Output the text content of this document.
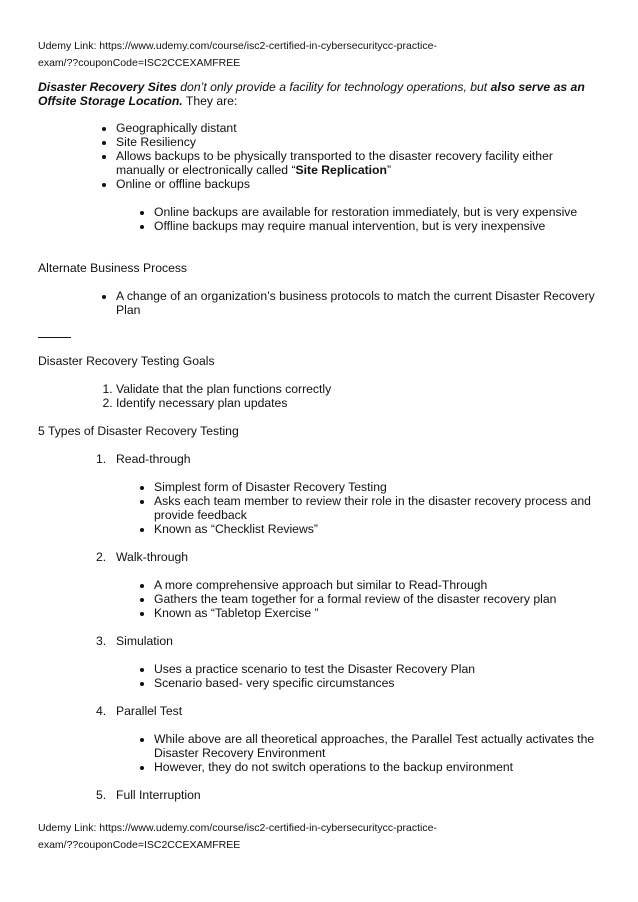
Udemy Link: https://www.udemy.com/course/isc2-certified-in-cybersecuritycc-practice-
exam/??couponCode=ISC2CCEXAMFREE

Disaster Recovery Sites don’t only provide a facility for technology operations, but also serve as an Offsite Storage Location. They are:

• Geographically distant
• Site Resiliency
• Allows backups to be physically transported to the disaster recovery facility either manually or electronically called “Site Replication”
• Online or offline backups
• Online backups are available for restoration immediately, but is very expensive
• Offline backups may require manual intervention, but is very inexpensive

Alternate Business Process

• A change of an organization’s business protocols to match the current Disaster Recovery Plan

Disaster Recovery Testing Goals

1. Validate that the plan functions correctly
2. Identify necessary plan updates

5 Types of Disaster Recovery Testing

1. Read-through
• Simplest form of Disaster Recovery Testing
• Asks each team member to review their role in the disaster recovery process and provide feedback
• Known as “Checklist Reviews”
2. Walk-through
• A more comprehensive approach but similar to Read-Through
• Gathers the team together for a formal review of the disaster recovery plan
• Known as “Tabletop Exercise ”
3. Simulation
• Uses a practice scenario to test the Disaster Recovery Plan
• Scenario based- very specific circumstances
4. Parallel Test
• While above are all theoretical approaches, the Parallel Test actually activates the Disaster Recovery Environment
• However, they do not switch operations to the backup environment
5. Full Interruption
Udemy Link: https://www.udemy.com/course/isc2-certified-in-cybersecuritycc-practice-
exam/??couponCode=ISC2CCEXAMFREE
